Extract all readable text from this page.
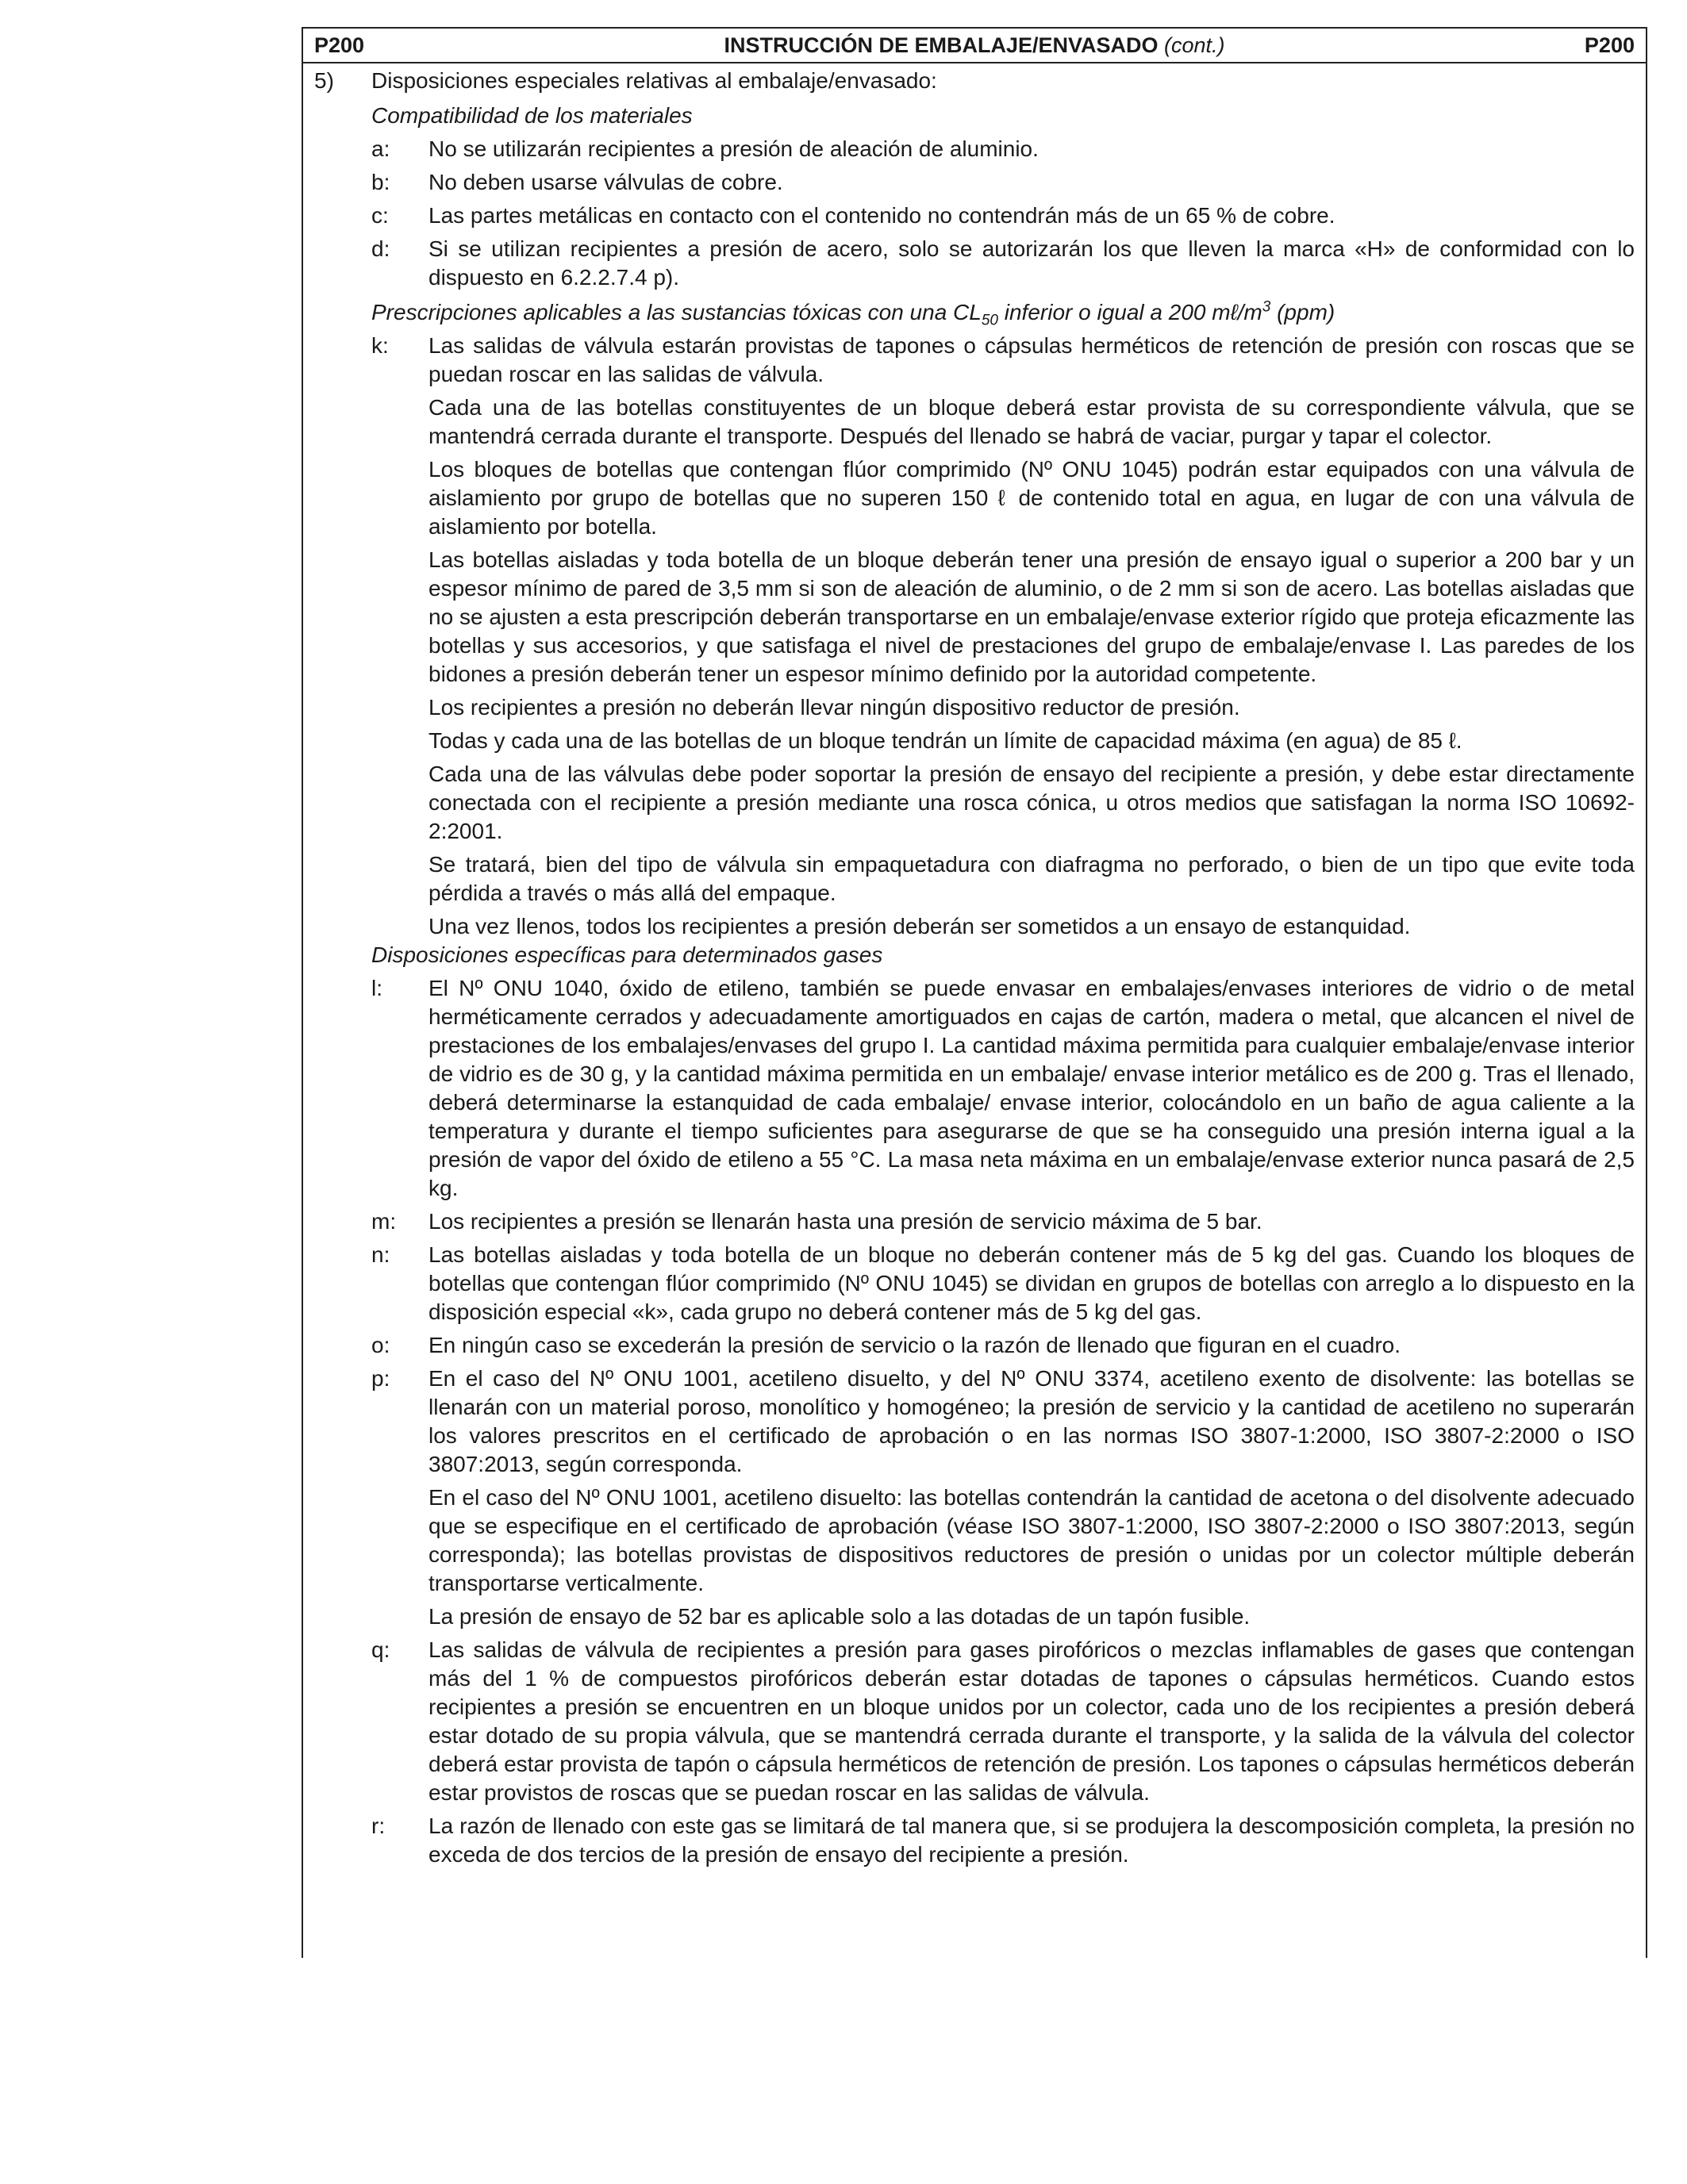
P200	INSTRUCCIÓN DE EMBALAJE/ENVASADO (cont.)	P200
5)	Disposiciones especiales relativas al embalaje/envasado:
Compatibilidad de los materiales
a:	No se utilizarán recipientes a presión de aleación de aluminio.
b:	No deben usarse válvulas de cobre.
c:	Las partes metálicas en contacto con el contenido no contendrán más de un 65 % de cobre.
d:	Si se utilizan recipientes a presión de acero, solo se autorizarán los que lleven la marca «H» de conformidad con lo dispuesto en 6.2.2.7.4 p).
Prescripciones aplicables a las sustancias tóxicas con una $CL_{50}$ inferior o igual a 200 $m\ell/m^3$ (ppm)
k:	Las salidas de válvula estarán provistas de tapones o cápsulas herméticos de retención de presión con roscas que se puedan roscar en las salidas de válvula.
Cada una de las botellas constituyentes de un bloque deberá estar provista de su correspondiente válvula, que se mantendrá cerrada durante el transporte. Después del llenado se habrá de vaciar, purgar y tapar el colector.
Los bloques de botellas que contengan flúor comprimido (Nº ONU 1045) podrán estar equipados con una válvula de aislamiento por grupo de botellas que no superen 150 ℓ de contenido total en agua, en lugar de con una válvula de aislamiento por botella.
Las botellas aisladas y toda botella de un bloque deberán tener una presión de ensayo igual o superior a 200 bar y un espesor mínimo de pared de 3,5 mm si son de aleación de aluminio, o de 2 mm si son de acero. Las botellas aisladas que no se ajusten a esta prescripción deberán transportarse en un embalaje/envase exterior rígido que proteja eficazmente las botellas y sus accesorios, y que satisfaga el nivel de prestaciones del grupo de embalaje/envase I. Las paredes de los bidones a presión deberán tener un espesor mínimo definido por la autoridad competente.
Los recipientes a presión no deberán llevar ningún dispositivo reductor de presión.
Todas y cada una de las botellas de un bloque tendrán un límite de capacidad máxima (en agua) de 85 ℓ.
Cada una de las válvulas debe poder soportar la presión de ensayo del recipiente a presión, y debe estar directamente conectada con el recipiente a presión mediante una rosca cónica, u otros medios que satisfagan la norma ISO 10692-2:2001.
Se tratará, bien del tipo de válvula sin empaquetadura con diafragma no perforado, o bien de un tipo que evite toda pérdida a través o más allá del empaque.
Una vez llenos, todos los recipientes a presión deberán ser sometidos a un ensayo de estanquidad.
Disposiciones específicas para determinados gases
l:	El Nº ONU 1040, óxido de etileno, también se puede envasar en embalajes/envases interiores de vidrio o de metal herméticamente cerrados y adecuadamente amortiguados en cajas de cartón, madera o metal, que alcancen el nivel de prestaciones de los embalajes/envases del grupo I. La cantidad máxima permitida para cualquier embalaje/envase interior de vidrio es de 30 g, y la cantidad máxima permitida en un embalaje/ envase interior metálico es de 200 g. Tras el llenado, deberá determinarse la estanquidad de cada embalaje/ envase interior, colocándolo en un baño de agua caliente a la temperatura y durante el tiempo suficientes para asegurarse de que se ha conseguido una presión interna igual a la presión de vapor del óxido de etileno a 55 °C. La masa neta máxima en un embalaje/envase exterior nunca pasará de 2,5 kg.
m:	Los recipientes a presión se llenarán hasta una presión de servicio máxima de 5 bar.
n:	Las botellas aisladas y toda botella de un bloque no deberán contener más de 5 kg del gas. Cuando los bloques de botellas que contengan flúor comprimido (Nº ONU 1045) se dividan en grupos de botellas con arreglo a lo dispuesto en la disposición especial «k», cada grupo no deberá contener más de 5 kg del gas.
o:	En ningún caso se excederán la presión de servicio o la razón de llenado que figuran en el cuadro.
p:	En el caso del Nº ONU 1001, acetileno disuelto, y del Nº ONU 3374, acetileno exento de disolvente: las botellas se llenarán con un material poroso, monolítico y homogéneo; la presión de servicio y la cantidad de acetileno no superarán los valores prescritos en el certificado de aprobación o en las normas ISO 3807-1:2000, ISO 3807-2:2000 o ISO 3807:2013, según corresponda.
En el caso del Nº ONU 1001, acetileno disuelto: las botellas contendrán la cantidad de acetona o del disolvente adecuado que se especifique en el certificado de aprobación (véase ISO 3807-1:2000, ISO 3807-2:2000 o ISO 3807:2013, según corresponda); las botellas provistas de dispositivos reductores de presión o unidas por un colector múltiple deberán transportarse verticalmente.
La presión de ensayo de 52 bar es aplicable solo a las dotadas de un tapón fusible.
q:	Las salidas de válvula de recipientes a presión para gases pirofóricos o mezclas inflamables de gases que contengan más del 1 % de compuestos pirofóricos deberán estar dotadas de tapones o cápsulas herméticos. Cuando estos recipientes a presión se encuentren en un bloque unidos por un colector, cada uno de los recipientes a presión deberá estar dotado de su propia válvula, que se mantendrá cerrada durante el transporte, y la salida de la válvula del colector deberá estar provista de tapón o cápsula herméticos de retención de presión. Los tapones o cápsulas herméticos deberán estar provistos de roscas que se puedan roscar en las salidas de válvula.
r:	La razón de llenado con este gas se limitará de tal manera que, si se produjera la descomposición completa, la presión no exceda de dos tercios de la presión de ensayo del recipiente a presión.
